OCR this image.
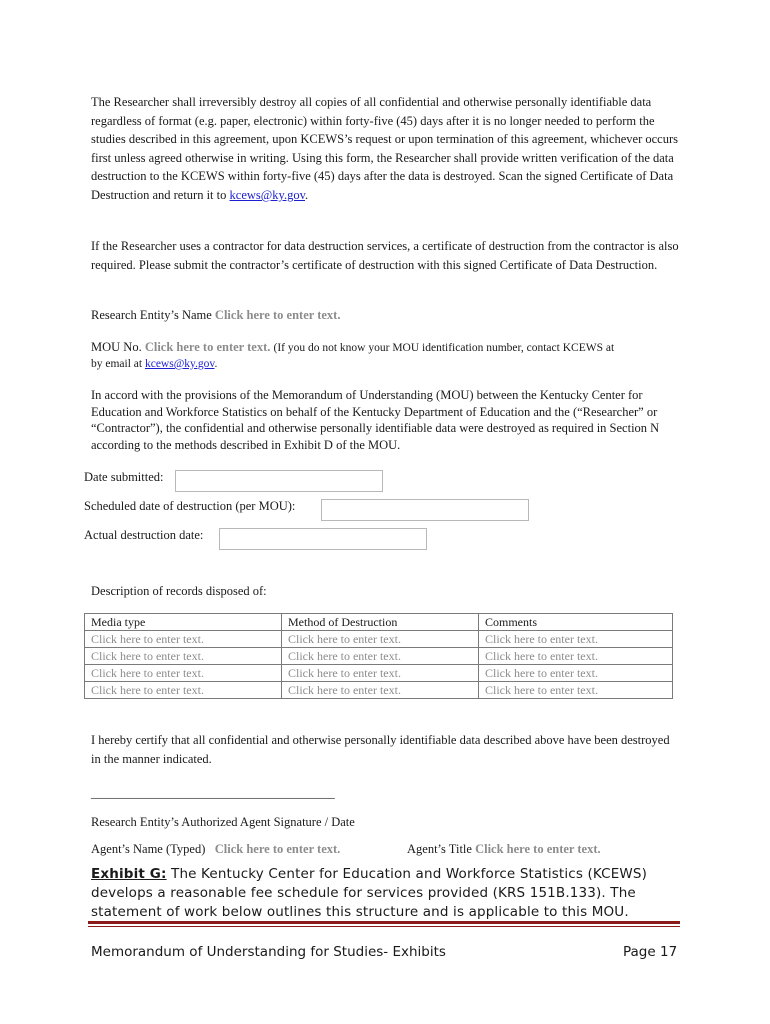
The Researcher shall irreversibly destroy all copies of all confidential and otherwise personally identifiable data regardless of format (e.g. paper, electronic) within forty-five (45) days after it is no longer needed to perform the studies described in this agreement, upon KCEWS’s request or upon termination of this agreement, whichever occurs first unless agreed otherwise in writing. Using this form, the Researcher shall provide written verification of the data destruction to the KCEWS within forty-five (45) days after the data is destroyed. Scan the signed Certificate of Data Destruction and return it to kcews@ky.gov.
If the Researcher uses a contractor for data destruction services, a certificate of destruction from the contractor is also required. Please submit the contractor’s certificate of destruction with this signed Certificate of Data Destruction.
Research Entity’s Name Click here to enter text.
MOU No. Click here to enter text. (If you do not know your MOU identification number, contact KCEWS at
by email at kcews@ky.gov.
In accord with the provisions of the Memorandum of Understanding (MOU) between the Kentucky Center for Education and Workforce Statistics on behalf of the Kentucky Department of Education and the (“Researcher” or “Contractor”), the confidential and otherwise personally identifiable data were destroyed as required in Section N according to the methods described in Exhibit D of the MOU.
Date submitted:
Scheduled date of destruction (per MOU):
Actual destruction date:
Description of records disposed of:
Media type	Method of Destruction	Comments
Click here to enter text.	Click here to enter text.	Click here to enter text.
Click here to enter text.	Click here to enter text.	Click here to enter text.
Click here to enter text.	Click here to enter text.	Click here to enter text.
Click here to enter text.	Click here to enter text.	Click here to enter text.
I hereby certify that all confidential and otherwise personally identifiable data described above have been destroyed in the manner indicated.
_______________________________________
Research Entity’s Authorized Agent Signature / Date
Agent’s Name (Typed) Click here to enter text.	Agent’s Title Click here to enter text.
Exhibit G: The Kentucky Center for Education and Workforce Statistics (KCEWS) develops a reasonable fee schedule for services provided (KRS 151B.133). The statement of work below outlines this structure and is applicable to this MOU.
Memorandum of Understanding for Studies- Exhibits	Page 17
